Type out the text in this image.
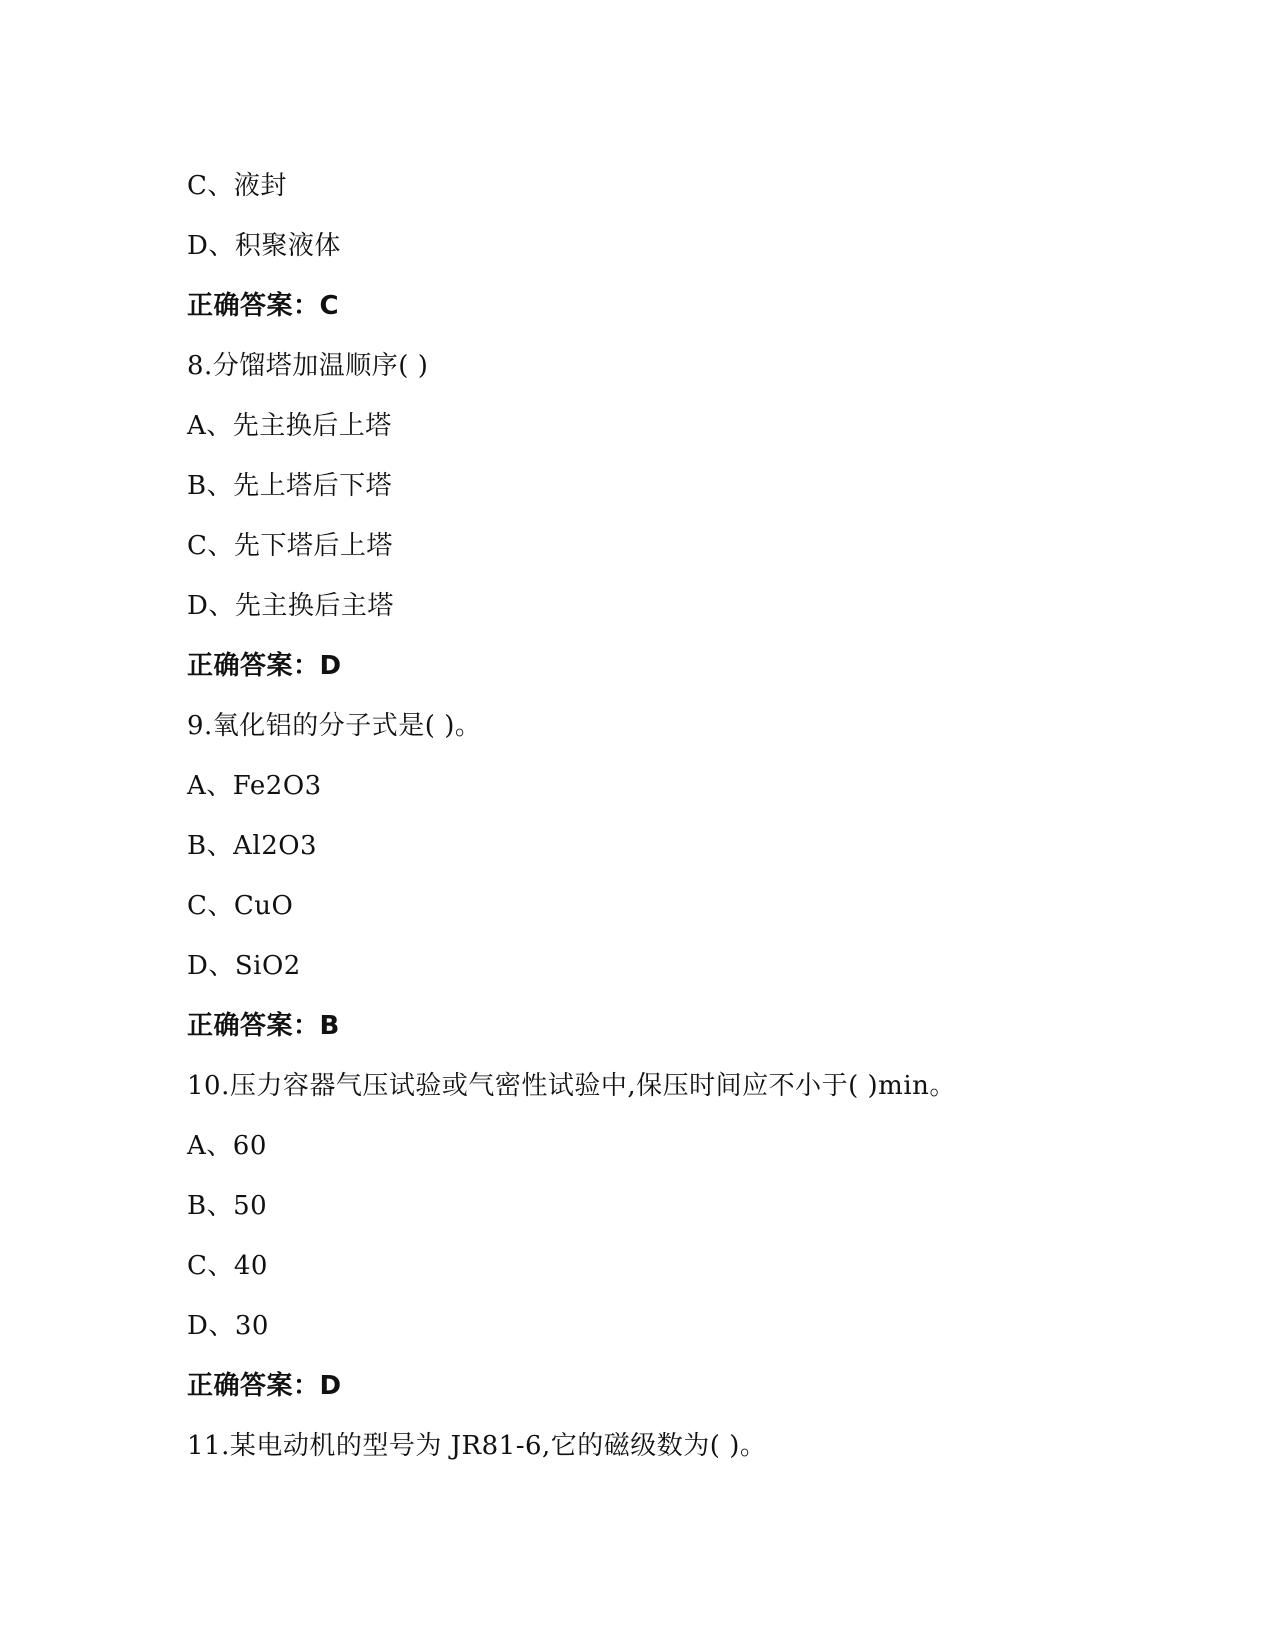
C、液封
D、积聚液体
正确答案：C
8.分馏塔加温顺序( )
A、先主换后上塔
B、先上塔后下塔
C、先下塔后上塔
D、先主换后主塔
正确答案：D
9.氧化铝的分子式是( )。
A、Fe2O3
B、Al2O3
C、CuO
D、SiO2
正确答案：B
10.压力容器气压试验或气密性试验中,保压时间应不小于( )min。
A、60
B、50
C、40
D、30
正确答案：D
11.某电动机的型号为 JR81-6,它的磁级数为( )。
